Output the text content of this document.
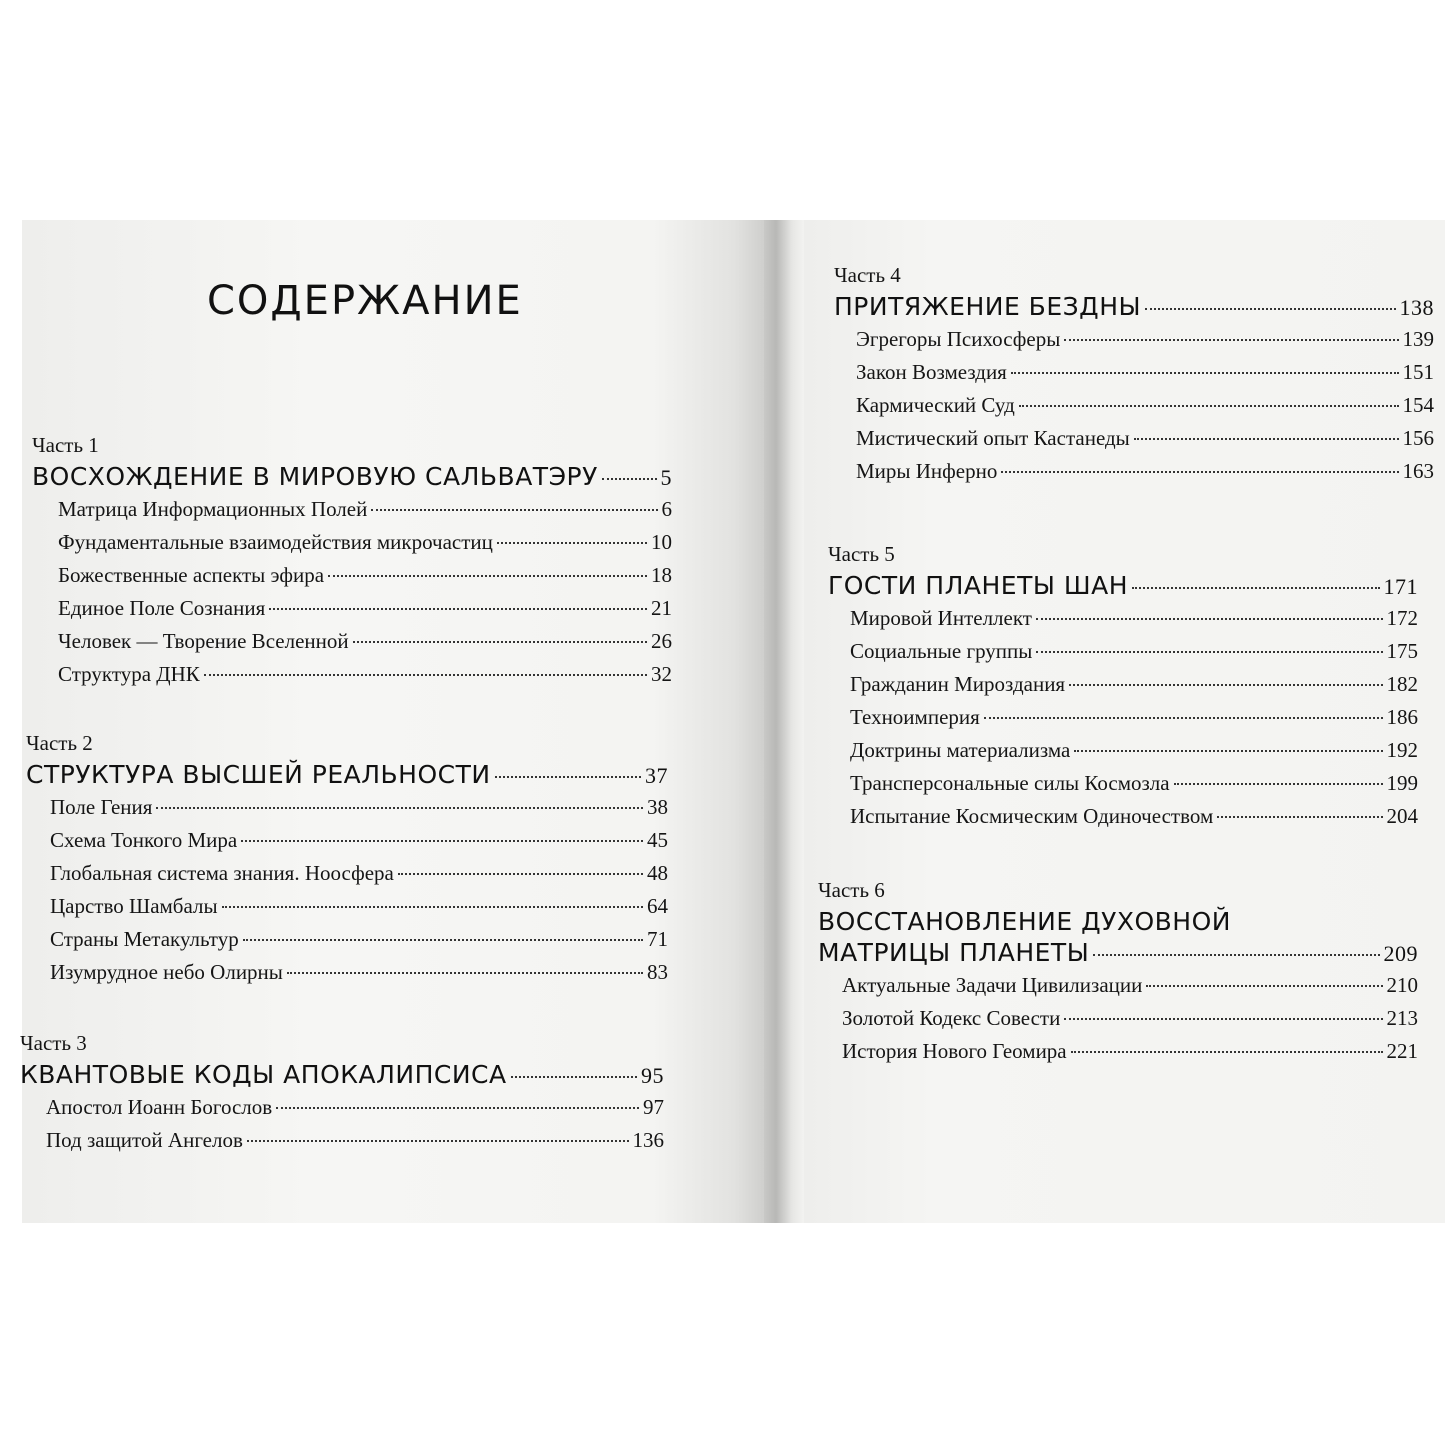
СОДЕРЖАНИЕ
Часть 1
ВОСХОЖДЕНИЕ В МИРОВУЮ САЛЬВАТЭРУ	5
Матрица Информационных Полей	6
Фундаментальные взаимодействия микрочастиц	10
Божественные аспекты эфира	18
Единое Поле Сознания	21
Человек — Творение Вселенной	26
Структура ДНК	32
Часть 2
СТРУКТУРА ВЫСШЕЙ РЕАЛЬНОСТИ	37
Поле Гения	38
Схема Тонкого Мира	45
Глобальная система знания. Ноосфера	48
Царство Шамбалы	64
Страны Метакультур	71
Изумрудное небо Олирны	83
Часть 3
КВАНТОВЫЕ КОДЫ АПОКАЛИПСИСА	95
Апостол Иоанн Богослов	97
Под защитой Ангелов	136
Часть 4
ПРИТЯЖЕНИЕ БЕЗДНЫ	138
Эгрегоры Психосферы	139
Закон Возмездия	151
Кармический Суд	154
Мистический опыт Кастанеды	156
Миры Инферно	163
Часть 5
ГОСТИ ПЛАНЕТЫ ШАН	171
Мировой Интеллект	172
Социальные группы	175
Гражданин Мироздания	182
Техноимперия	186
Доктрины материализма	192
Трансперсональные силы Космозла	199
Испытание Космическим Одиночеством	204
Часть 6
ВОССТАНОВЛЕНИЕ ДУХОВНОЙ
МАТРИЦЫ ПЛАНЕТЫ	209
Актуальные Задачи Цивилизации	210
Золотой Кодекс Совести	213
История Нового Геомира	221
